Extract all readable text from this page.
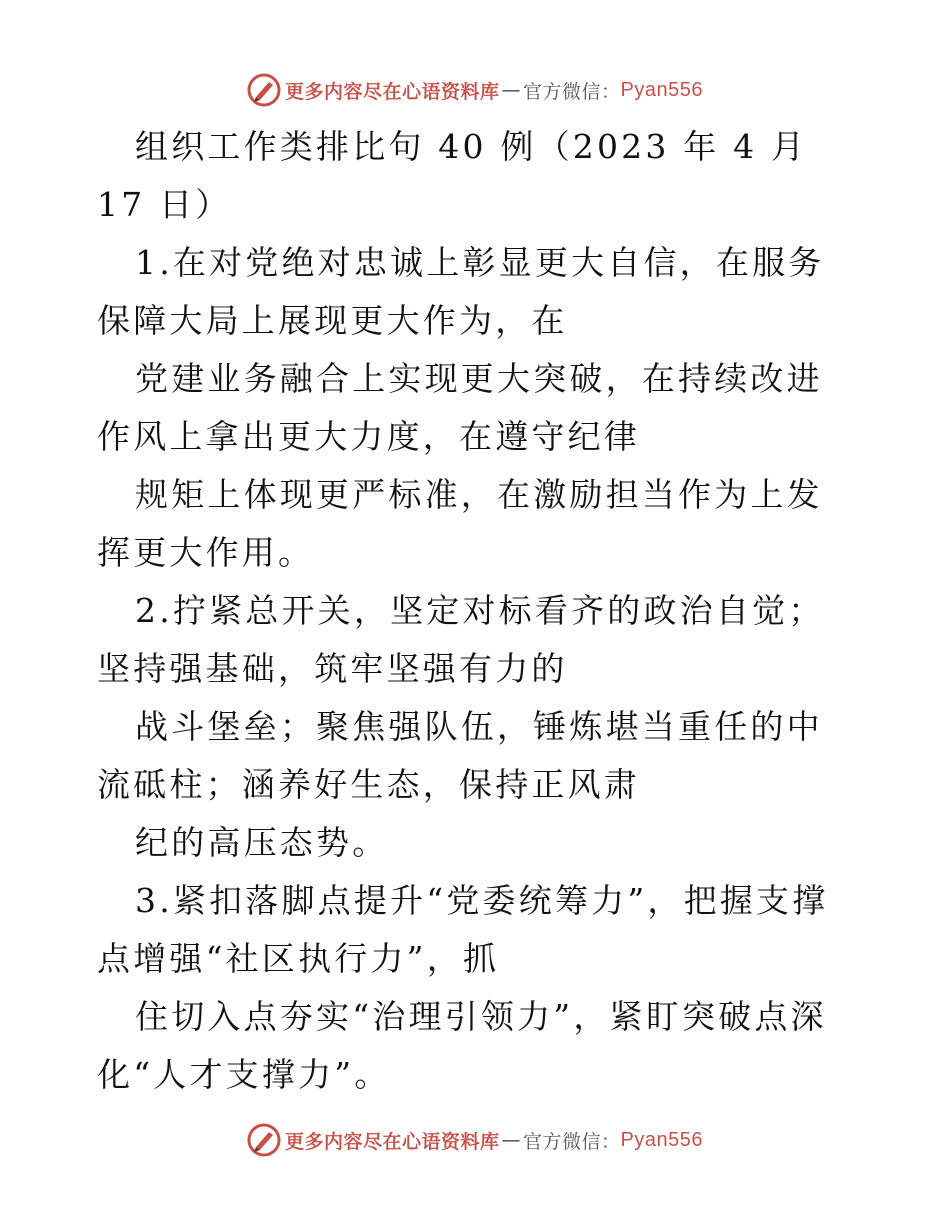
更多内容尽在心语资料库 — 官方微信： Pyan556

组织工作类排比句 40 例（2023 年 4 月 17 日）

1.在对党绝对忠诚上彰显更大自信，在服务保障大局上展现更大作为，在

党建业务融合上实现更大突破，在持续改进作风上拿出更大力度，在遵守纪律

规矩上体现更严标准，在激励担当作为上发挥更大作用。

2.拧紧总开关，坚定对标看齐的政治自觉；坚持强基础，筑牢坚强有力的

战斗堡垒；聚焦强队伍，锤炼堪当重任的中流砥柱；涵养好生态，保持正风肃

纪的高压态势。

3.紧扣落脚点提升“党委统筹力”，把握支撑点增强“社区执行力”，抓

住切入点夯实“治理引领力”，紧盯突破点深化“人才支撑力”。

更多内容尽在心语资料库 — 官方微信： Pyan556
